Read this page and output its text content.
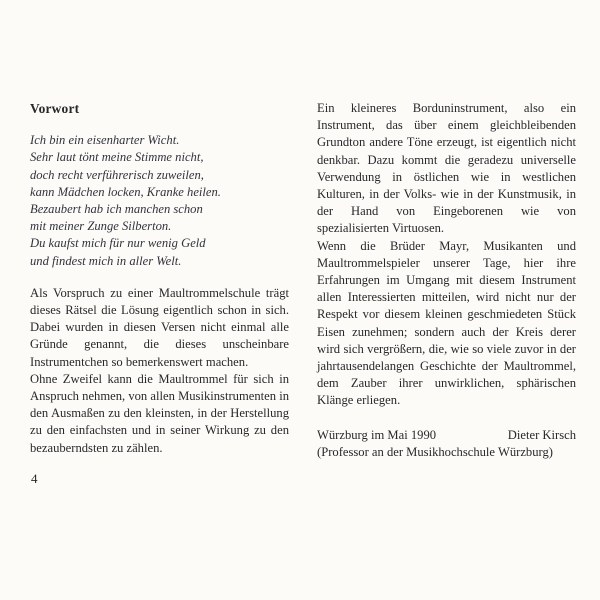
Vorwort
Ich bin ein eisenharter Wicht.
Sehr laut tönt meine Stimme nicht,
doch recht verführerisch zuweilen,
kann Mädchen locken, Kranke heilen.
Bezaubert hab ich manchen schon
mit meiner Zunge Silberton.
Du kaufst mich für nur wenig Geld
und findest mich in aller Welt.

Als Vorspruch zu einer Maultrommelschule trägt dieses Rätsel die Lösung eigentlich schon in sich. Dabei wurden in diesen Versen nicht einmal alle Gründe genannt, die dieses unscheinbare Instrumentchen so bemerkenswert machen.

Ohne Zweifel kann die Maultrommel für sich in Anspruch nehmen, von allen Musikinstrumenten in den Ausmaßen zu den kleinsten, in der Herstellung zu den einfachsten und in seiner Wirkung zu den bezauberndsten zu zählen.

Ein kleineres Borduninstrument, also ein Instrument, das über einem gleichbleibenden Grundton andere Töne erzeugt, ist eigentlich nicht denkbar. Dazu kommt die geradezu universelle Verwendung in östlichen wie in westlichen Kulturen, in der Volks- wie in der Kunstmusik, in der Hand von Eingeborenen wie von spezialisierten Virtuosen.

Wenn die Brüder Mayr, Musikanten und Maultrommelspieler unserer Tage, hier ihre Erfahrungen im Umgang mit diesem Instrument allen Interessierten mitteilen, wird nicht nur der Respekt vor diesem kleinen geschmiedeten Stück Eisen zunehmen; sondern auch der Kreis derer wird sich vergrößern, die, wie so viele zuvor in der jahrtausendelangen Geschichte der Maultrommel, dem Zauber ihrer unwirklichen, sphärischen Klänge erliegen.

Würzburg im Mai 1990	Dieter Kirsch
(Professor an der Musikhochschule Würzburg)
4
